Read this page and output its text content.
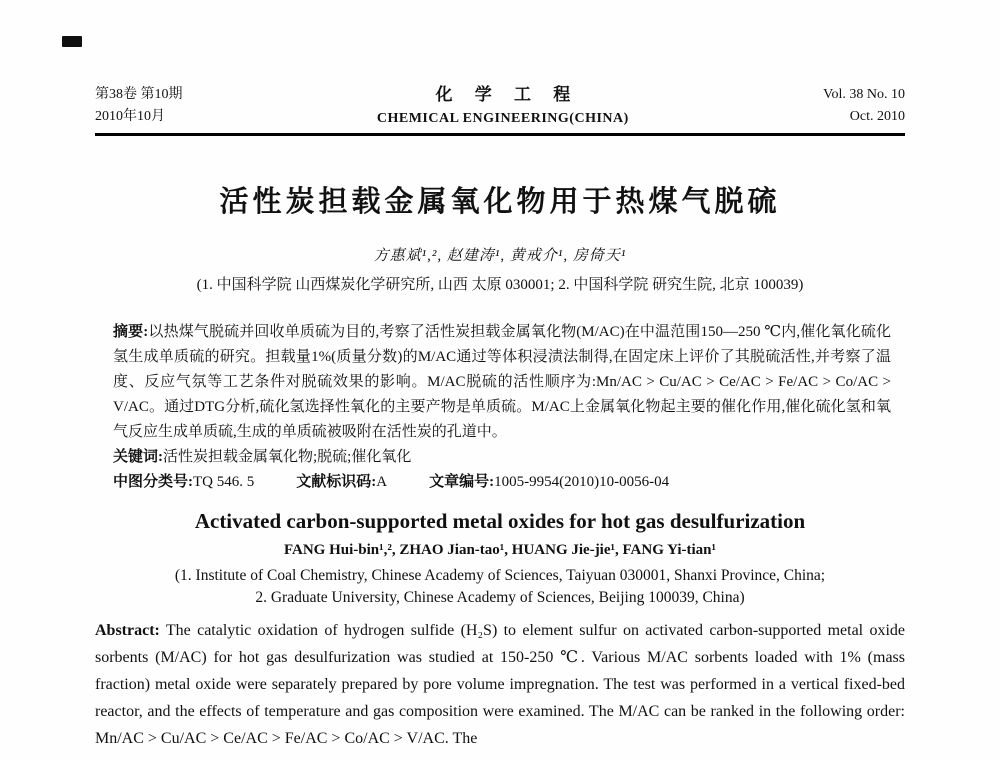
第38卷 第10期
2010年10月
化 学 工 程
CHEMICAL ENGINEERING(CHINA)
Vol. 38 No. 10
Oct. 2010
活性炭担载金属氧化物用于热煤气脱硫
方惠斌¹,², 赵建涛¹, 黄戒介¹, 房倚天¹
(1. 中国科学院 山西煤炭化学研究所, 山西 太原 030001; 2. 中国科学院 研究生院, 北京 100039)

摘要:以热煤气脱硫并回收单质硫为目的,考察了活性炭担载金属氧化物(M/AC)在中温范围150—250 ℃内,催化氧化硫化氢生成单质硫的研究。担载量1%(质量分数)的M/AC通过等体积浸渍法制得,在固定床上评价了其脱硫活性,并考察了温度、反应气氛等工艺条件对脱硫效果的影响。M/AC脱硫的活性顺序为:Mn/AC > Cu/AC > Ce/AC > Fe/AC > Co/AC > V/AC。通过DTG分析,硫化氢选择性氧化的主要产物是单质硫。M/AC上金属氧化物起主要的催化作用,催化硫化氢和氧气反应生成单质硫,生成的单质硫被吸附在活性炭的孔道中。

关键词:活性炭担载金属氧化物;脱硫;催化氧化

中图分类号:TQ 546. 5	文献标识码:A	文章编号:1005-9954(2010)10-0056-04

Activated carbon-supported metal oxides for hot gas desulfurization
FANG Hui-bin¹,², ZHAO Jian-tao¹, HUANG Jie-jie¹, FANG Yi-tian¹
(1. Institute of Coal Chemistry, Chinese Academy of Sciences, Taiyuan 030001, Shanxi Province, China;
2. Graduate University, Chinese Academy of Sciences, Beijing 100039, China)

Abstract: The catalytic oxidation of hydrogen sulfide (H₂S) to element sulfur on activated carbon-supported metal oxide sorbents (M/AC) for hot gas desulfurization was studied at 150-250 ℃. Various M/AC sorbents loaded with 1% (mass fraction) metal oxide were separately prepared by pore volume impregnation. The test was performed in a vertical fixed-bed reactor, and the effects of temperature and gas composition were examined. The M/AC can be ranked in the following order: Mn/AC > Cu/AC > Ce/AC > Fe/AC > Co/AC > V/AC. The
